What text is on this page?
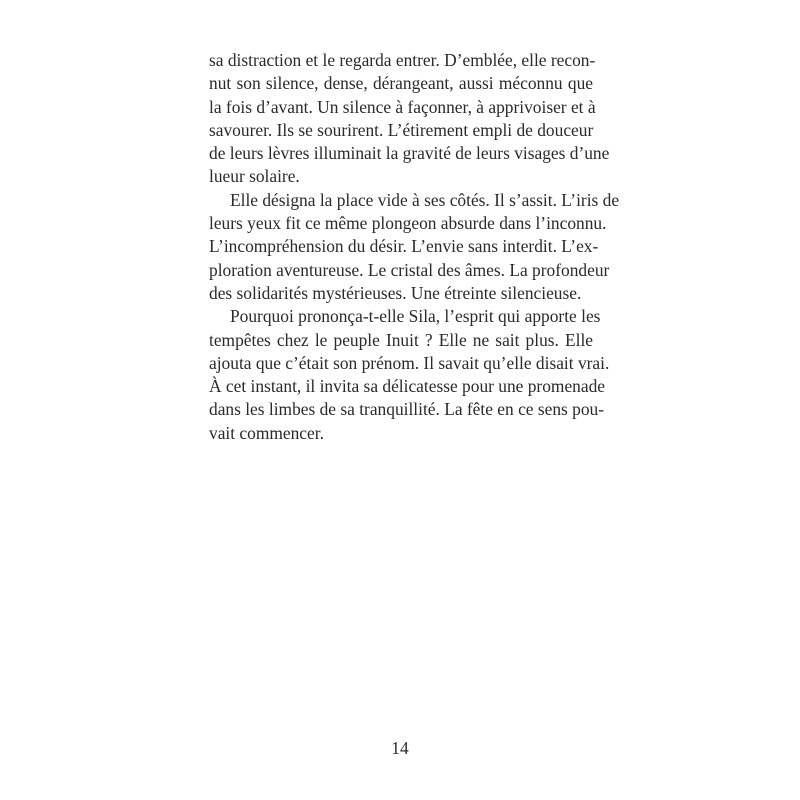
sa distraction et le regarda entrer. D’emblée, elle recon-
nut son silence, dense, dérangeant, aussi méconnu que
la fois d’avant. Un silence à façonner, à apprivoiser et à
savourer. Ils se sourirent. L’étirement empli de douceur
de leurs lèvres illuminait la gravité de leurs visages d’une
lueur solaire.
Elle désigna la place vide à ses côtés. Il s’assit. L’iris de
leurs yeux fit ce même plongeon absurde dans l’inconnu.
L’incompréhension du désir. L’envie sans interdit. L’ex-
ploration aventureuse. Le cristal des âmes. La profondeur
des solidarités mystérieuses. Une étreinte silencieuse.
Pourquoi prononça-t-elle Sila, l’esprit qui apporte les
tempêtes chez le peuple Inuit ? Elle ne sait plus. Elle
ajouta que c’était son prénom. Il savait qu’elle disait vrai.
À cet instant, il invita sa délicatesse pour une promenade
dans les limbes de sa tranquillité. La fête en ce sens pou-
vait commencer.
14
